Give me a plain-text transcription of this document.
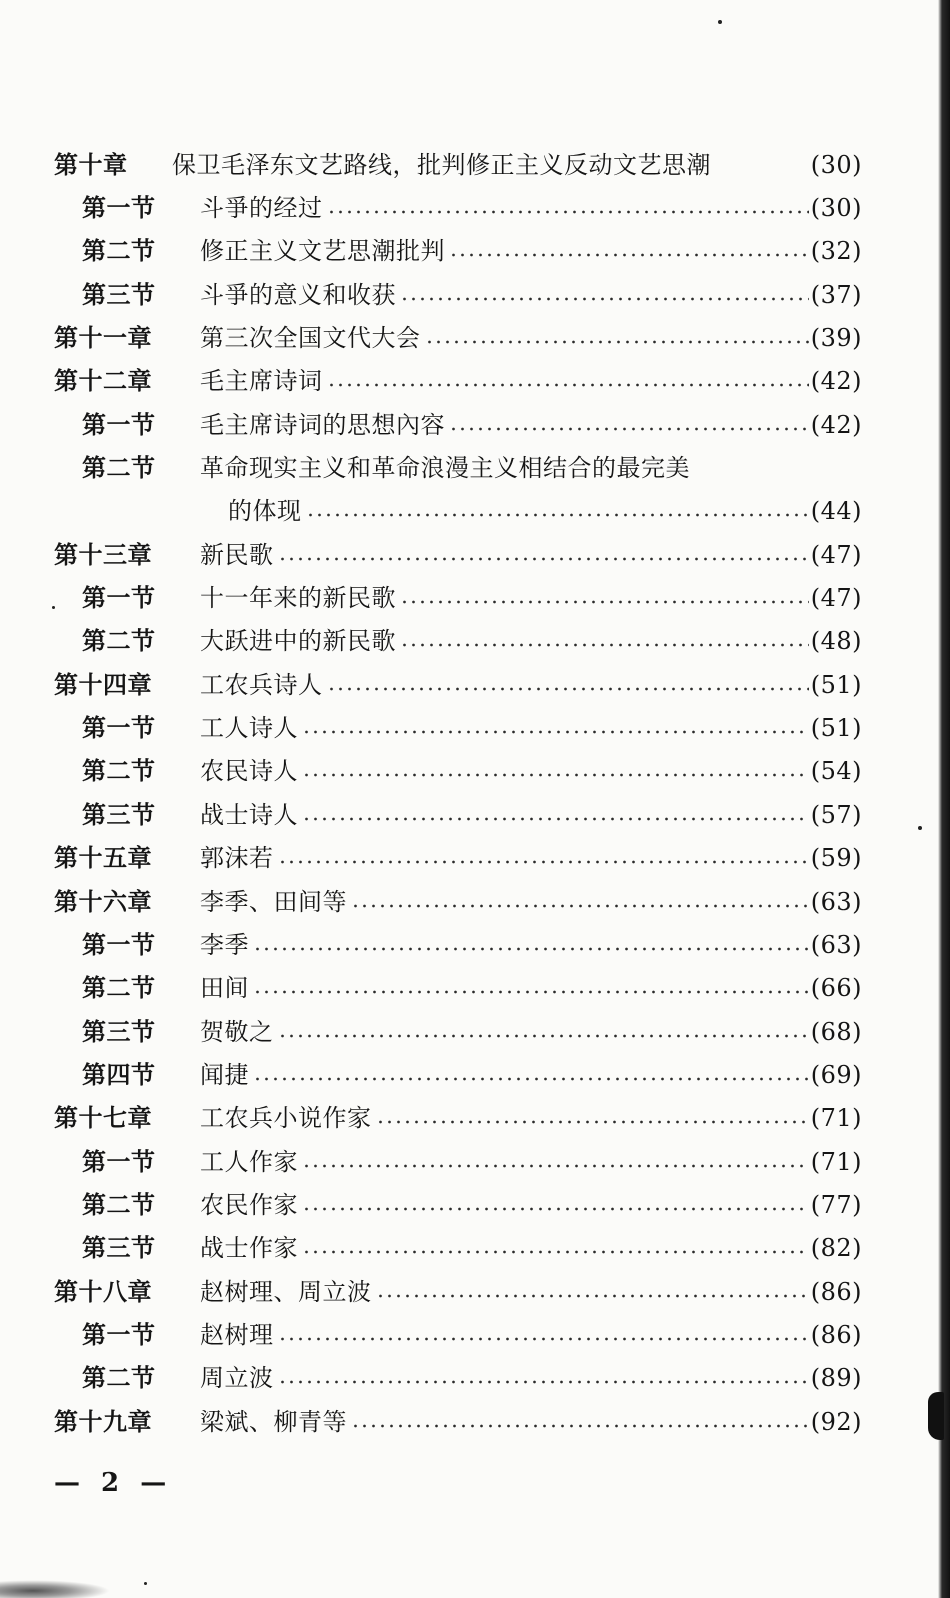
第十章 保卫毛泽东文艺路线，批判修正主义反动文艺思潮	(30)
第一节 斗爭的经过	(30)
第二节 修正主义文艺思潮批判	(32)
第三节 斗爭的意义和收获	(37)
第十一章 第三次全国文代大会	(39)
第十二章 毛主席诗词	(42)
第一节 毛主席诗词的思想內容	(42)
第二节 革命现实主义和革命浪漫主义相结合的最完美
的体现	(44)
第十三章 新民歌	(47)
第一节 十一年来的新民歌	(47)
第二节 大跃进中的新民歌	(48)
第十四章 工农兵诗人	(51)
第一节 工人诗人	(51)
第二节 农民诗人	(54)
第三节 战士诗人	(57)
第十五章 郭沫若	(59)
第十六章 李季、田间等	(63)
第一节 李季	(63)
第二节 田间	(66)
第三节 贺敬之	(68)
第四节 闻捷	(69)
第十七章 工农兵小说作家	(71)
第一节 工人作家	(71)
第二节 农民作家	(77)
第三节 战士作家	(82)
第十八章 赵树理、周立波	(86)
第一节 赵树理	(86)
第二节 周立波	(89)
第十九章 梁斌、柳青等	(92)
— 2 —
